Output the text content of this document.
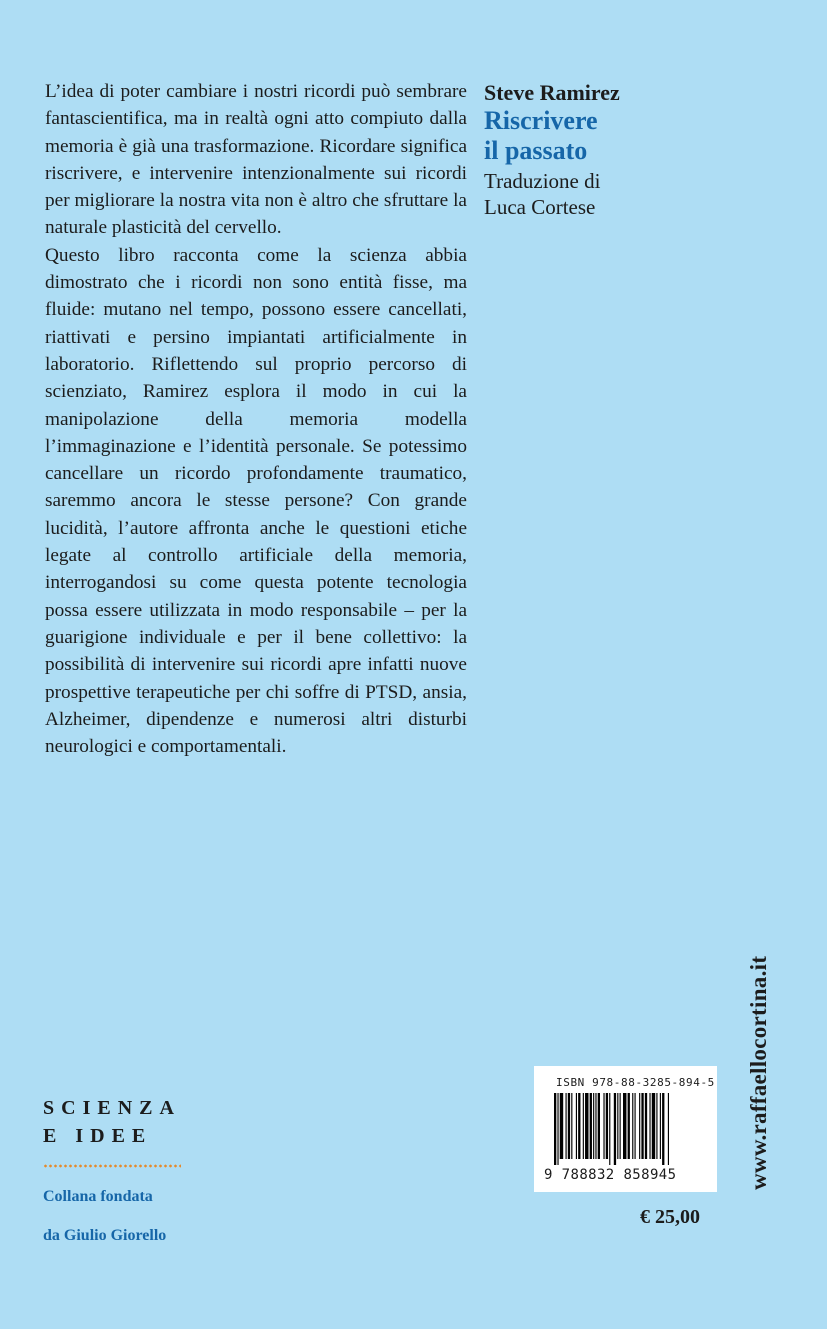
L’idea di poter cambiare i nostri ricordi può sembrare fantascientifica, ma in realtà ogni atto compiuto dalla memoria è già una trasformazione. Ricordare significa riscrivere, e intervenire intenzionalmente sui ricordi per migliorare la nostra vita non è altro che sfruttare la naturale plasticità del cervello.

Questo libro racconta come la scienza abbia dimostrato che i ricordi non sono entità fisse, ma fluide: mutano nel tempo, possono essere cancellati, riattivati e persino impiantati artificialmente in laboratorio. Riflettendo sul proprio percorso di scienziato, Ramirez esplora il modo in cui la manipolazione della memoria modella l’immaginazione e l’identità personale. Se potessimo cancellare un ricordo profondamente traumatico, saremmo ancora le stesse persone? Con grande lucidità, l’autore affronta anche le questioni etiche legate al controllo artificiale della memoria, interrogandosi su come questa potente tecnologia possa essere utilizzata in modo responsabile – per la guarigione individuale e per il bene collettivo: la possibilità di intervenire sui ricordi apre infatti nuove prospettive terapeutiche per chi soffre di PTSD, ansia, Alzheimer, dipendenze e numerosi altri disturbi neurologici e comportamentali.

Steve Ramirez

Riscrivere

il passato

Traduzione di

Luca Cortese

www.raffaellocortina.it
SCIENZA
E IDEE
Collana fondata
da Giulio Giorello

ISBN 978-88-3285-894-5

9 788832 858945

€ 25,00
